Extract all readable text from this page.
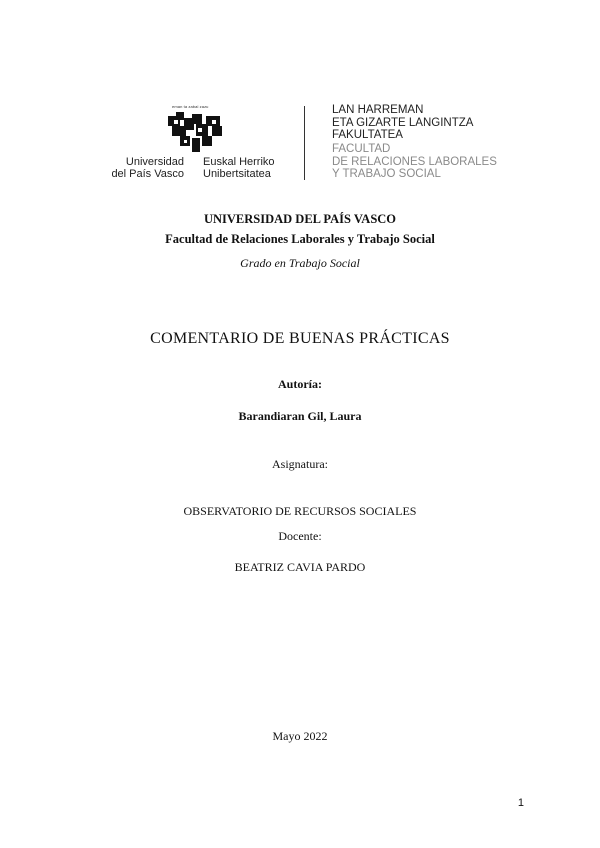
eman ta zabal zazu
Universidad
del País Vasco
Euskal Herriko
Unibertsitatea
LAN HARREMAN
ETA GIZARTE LANGINTZA
FAKULTATEA
FACULTAD
DE RELACIONES LABORALES
Y TRABAJO SOCIAL
UNIVERSIDAD DEL PAÍS VASCO
Facultad de Relaciones Laborales y Trabajo Social
Grado en Trabajo Social
COMENTARIO DE BUENAS PRÁCTICAS
Autoría:
Barandiaran Gil, Laura
Asignatura:
OBSERVATORIO DE RECURSOS SOCIALES
Docente:
BEATRIZ CAVIA PARDO
Mayo 2022
1
